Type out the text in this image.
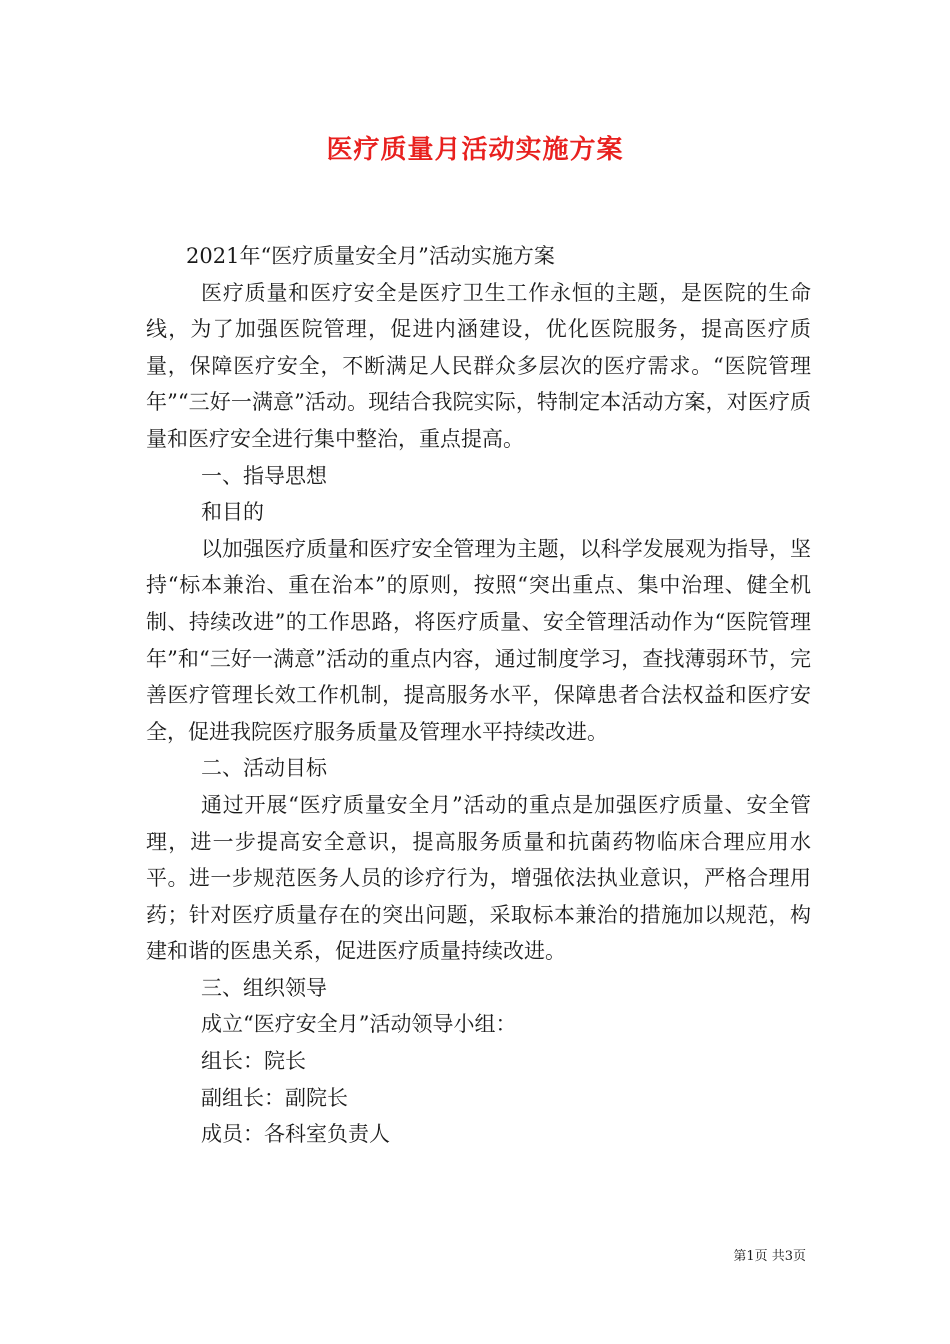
医疗质量月活动实施方案

2021年“医疗质量安全月”活动实施方案

医疗质量和医疗安全是医疗卫生工作永恒的主题，是医院的生命线，为了加强医院管理，促进内涵建设，优化医院服务，提高医疗质量，保障医疗安全，不断满足人民群众多层次的医疗需求。“医院管理年”“三好一满意”活动。现结合我院实际，特制定本活动方案，对医疗质量和医疗安全进行集中整治，重点提高。

一、指导思想

和目的

以加强医疗质量和医疗安全管理为主题，以科学发展观为指导，坚持“标本兼治、重在治本”的原则，按照“突出重点、集中治理、健全机制、持续改进”的工作思路，将医疗质量、安全管理活动作为“医院管理年”和“三好一满意”活动的重点内容，通过制度学习，查找薄弱环节，完善医疗管理长效工作机制，提高服务水平，保障患者合法权益和医疗安全，促进我院医疗服务质量及管理水平持续改进。

二、活动目标

通过开展“医疗质量安全月”活动的重点是加强医疗质量、安全管理，进一步提高安全意识，提高服务质量和抗菌药物临床合理应用水平。进一步规范医务人员的诊疗行为，增强依法执业意识，严格合理用药；针对医疗质量存在的突出问题，采取标本兼治的措施加以规范，构建和谐的医患关系，促进医疗质量持续改进。

三、组织领导

成立“医疗安全月”活动领导小组：

组长：院长

副组长：副院长

成员：各科室负责人

第1页 共3页
